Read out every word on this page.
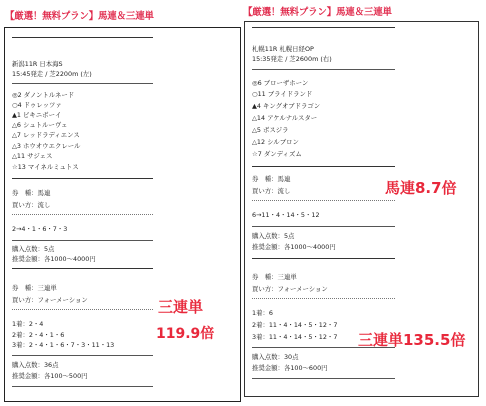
【厳選！無料プラン】馬連＆三連単	【厳選！無料プラン】馬連＆三連単
新潟11R 日本海S
15:45発走 / 芝2200m (左)
◎2 ダノントルネード
○4 ドゥレッツァ
▲1 ビキニボーイ
△6 シュトルーヴェ
△7 レッドラディエンス
△3 ホウオウエクレール
△11 サジェス
☆13 マイネルミュトス
券　種：馬連
買い方：流し
2→4・1・6・7・3
購入点数：5点
推奨金額：各1000～4000円
券　種：三連単
買い方：フォーメーション
1着：2・4
2着：2・4・1・6
3着：2・4・1・6・7・3・11・13
購入点数：36点
推奨金額：各100～500円
三連単
119.9倍
札幌11R 札幌日経OP
15:35発走 / 芝2600m (右)
◎6 ブローザホーン
○11 ブライドランド
▲4 キングオブドラゴン
△14 アケルナルスター
△5 ボスジラ
△12 シルブロン
☆7 ダンディズム
券　種：馬連
買い方：流し
6→11・4・14・5・12
購入点数：5点
推奨金額：各1000～4000円
券　種：三連単
買い方：フォーメーション
1着：6
2着：11・4・14・5・12・7
3着：11・4・14・5・12・7
購入点数：30点
推奨金額：各100～600円
馬連8.7倍
三連単135.5倍
